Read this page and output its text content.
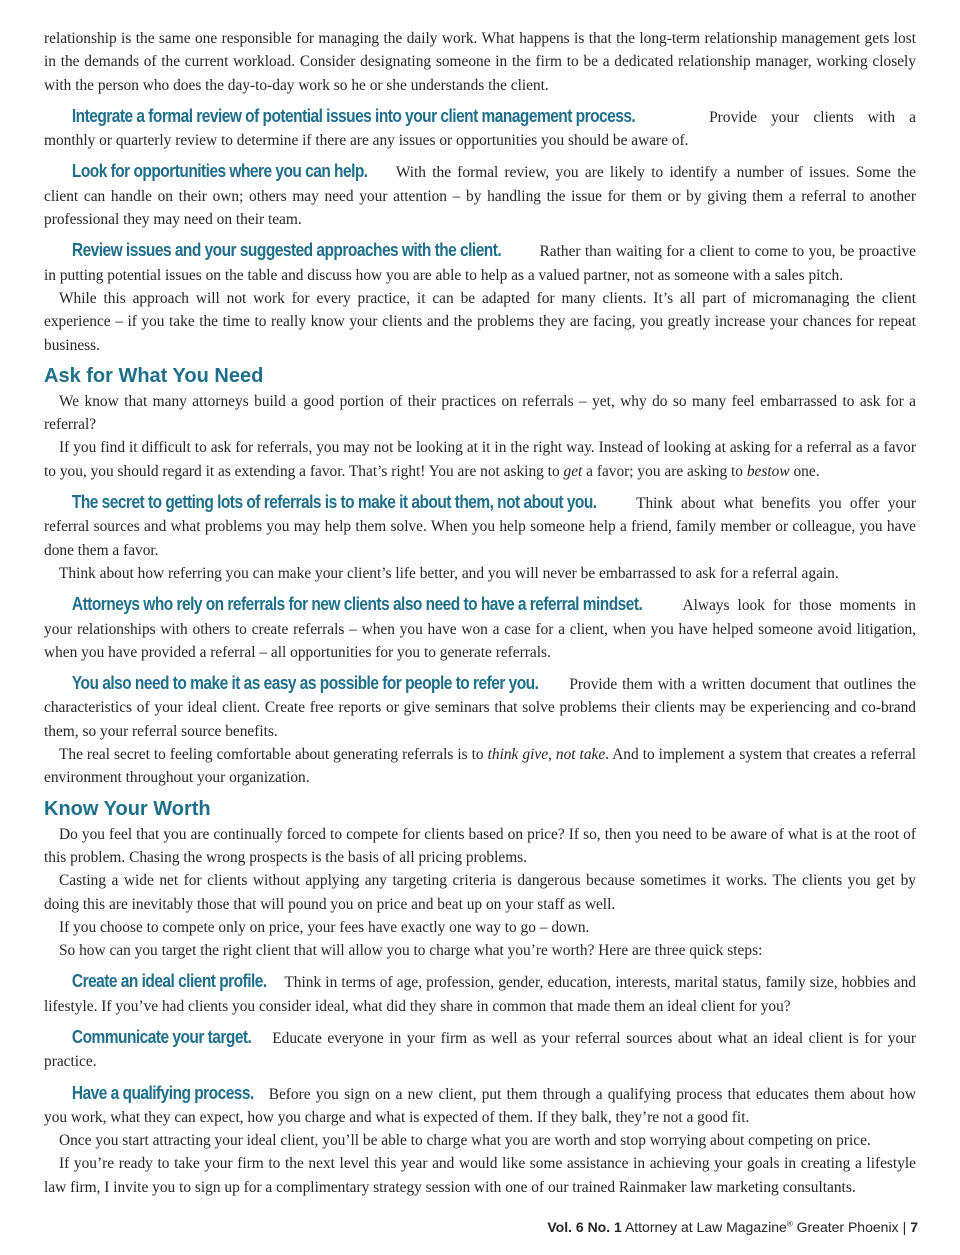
relationship is the same one responsible for managing the daily work. What happens is that the long-term relationship management gets lost in the demands of the current workload. Consider designating someone in the firm to be a dedicated relationship manager, working closely with the person who does the day-to-day work so he or she understands the client.

Integrate a formal review of potential issues into your client management process.	Provide your clients with a monthly or quarterly review to determine if there are any issues or opportunities you should be aware of.

Look for opportunities where you can help. With the formal review, you are likely to identify a number of issues. Some the client can handle on their own; others may need your attention – by handling the issue for them or by giving them a referral to another professional they may need on their team.

Review issues and your suggested approaches with the client. Rather than waiting for a client to come to you, be proactive in putting potential issues on the table and discuss how you are able to help as a valued partner, not as someone with a sales pitch.

While this approach will not work for every practice, it can be adapted for many clients. It’s all part of micromanaging the client experience – if you take the time to really know your clients and the problems they are facing, you greatly increase your chances for repeat business.

Ask for What You Need

We know that many attorneys build a good portion of their practices on referrals – yet, why do so many feel embarrassed to ask for a referral?

If you find it difficult to ask for referrals, you may not be looking at it in the right way. Instead of looking at asking for a referral as a favor to you, you should regard it as extending a favor. That’s right! You are not asking to get a favor; you are asking to bestow one.

The secret to getting lots of referrals is to make it about them, not about you.	Think about what benefits you offer your referral sources and what problems you may help them solve. When you help someone help a friend, family member or colleague, you have done them a favor.

Think about how referring you can make your client’s life better, and you will never be embarrassed to ask for a referral again.

Attorneys who rely on referrals for new clients also need to have a referral mindset.	Always look for those moments in your relationships with others to create referrals – when you have won a case for a client, when you have helped someone avoid litigation, when you have provided a referral – all opportunities for you to generate referrals.

You also need to make it as easy as possible for people to refer you. Provide them with a written document that outlines the characteristics of your ideal client. Create free reports or give seminars that solve problems their clients may be experiencing and co-brand them, so your referral source benefits.

The real secret to feeling comfortable about generating referrals is to think give, not take. And to implement a system that creates a referral environment throughout your organization.

Know Your Worth

Do you feel that you are continually forced to compete for clients based on price? If so, then you need to be aware of what is at the root of this problem. Chasing the wrong prospects is the basis of all pricing problems.

Casting a wide net for clients without applying any targeting criteria is dangerous because sometimes it works. The clients you get by doing this are inevitably those that will pound you on price and beat up on your staff as well.

If you choose to compete only on price, your fees have exactly one way to go – down.

So how can you target the right client that will allow you to charge what you’re worth? Here are three quick steps:

Create an ideal client profile. Think in terms of age, profession, gender, education, interests, marital status, family size, hobbies and lifestyle. If you’ve had clients you consider ideal, what did they share in common that made them an ideal client for you?

Communicate your target. Educate everyone in your firm as well as your referral sources about what an ideal client is for your practice.

Have a qualifying process. Before you sign on a new client, put them through a qualifying process that educates them about how you work, what they can expect, how you charge and what is expected of them. If they balk, they’re not a good fit.

Once you start attracting your ideal client, you’ll be able to charge what you are worth and stop worrying about competing on price.

If you’re ready to take your firm to the next level this year and would like some assistance in achieving your goals in creating a lifestyle law firm, I invite you to sign up for a complimentary strategy session with one of our trained Rainmaker law marketing consultants.

Vol. 6 No. 1 Attorney at Law Magazine® Greater Phoenix | 7
